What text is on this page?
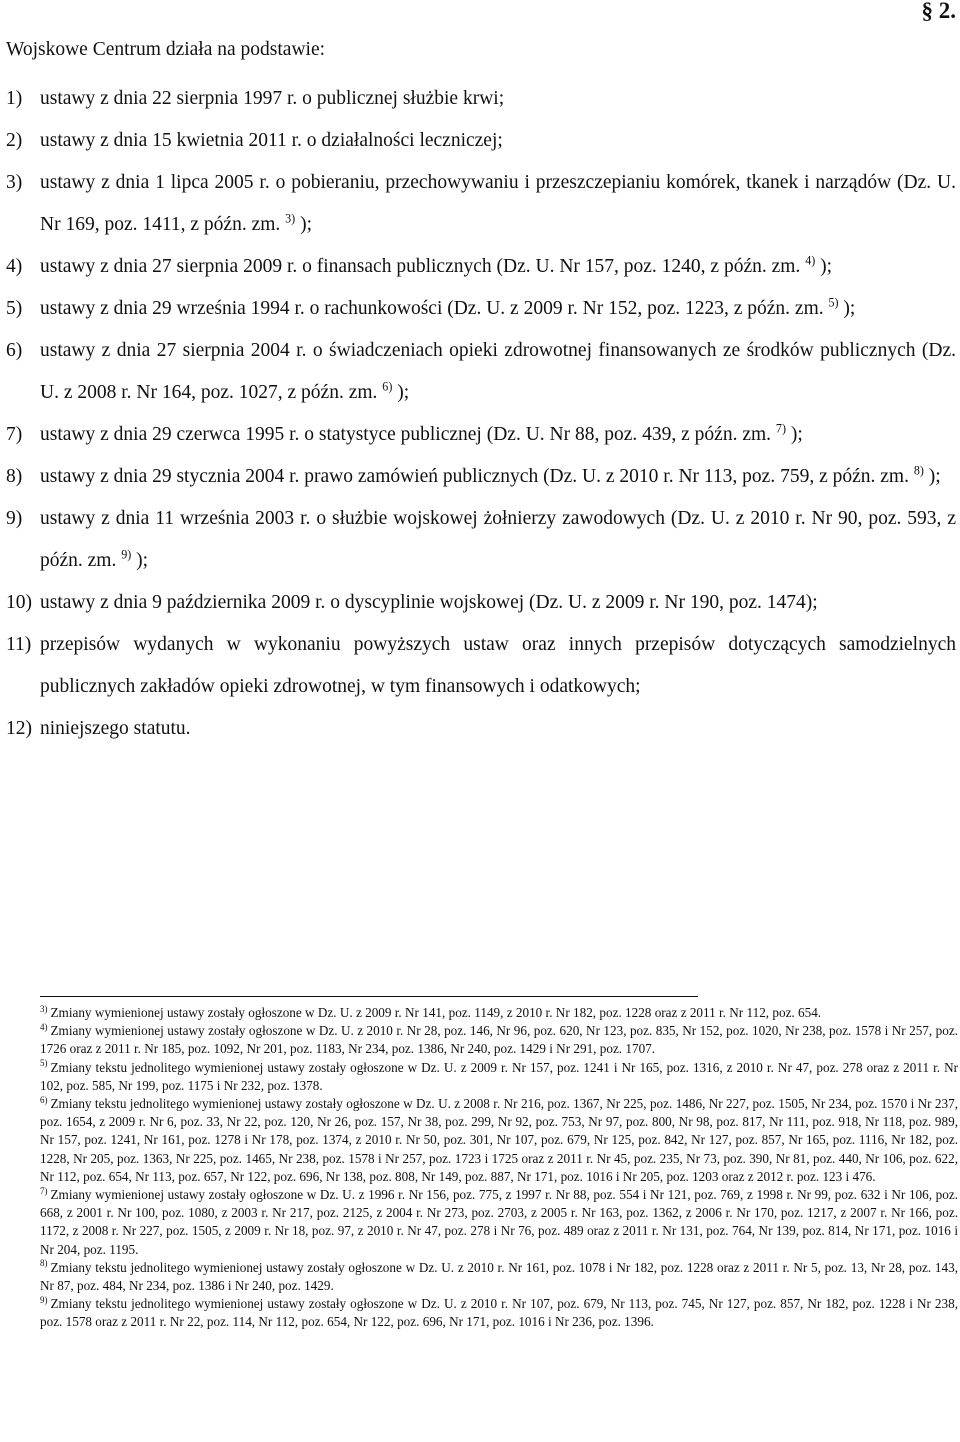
§ 2.
Wojskowe Centrum działa na podstawie:
1) ustawy z dnia 22 sierpnia 1997 r. o publicznej służbie krwi;
2) ustawy z dnia 15 kwietnia 2011 r. o działalności leczniczej;
3) ustawy z dnia 1 lipca 2005 r. o pobieraniu, przechowywaniu i przeszczepianiu komórek, tkanek i narządów (Dz. U. Nr 169, poz. 1411, z późn. zm. $^{3)}$ );
4) ustawy z dnia 27 sierpnia 2009 r. o finansach publicznych (Dz. U. Nr 157, poz. 1240, z późn. zm. $^{4)}$ );
5) ustawy z dnia 29 września 1994 r. o rachunkowości (Dz. U. z 2009 r. Nr 152, poz. 1223, z późn. zm. $^{5)}$ );
6) ustawy z dnia 27 sierpnia 2004 r. o świadczeniach opieki zdrowotnej finansowanych ze środków publicznych (Dz. U. z 2008 r. Nr 164, poz. 1027, z późn. zm. $^{6)}$ );
7) ustawy z dnia 29 czerwca 1995 r. o statystyce publicznej (Dz. U. Nr 88, poz. 439, z późn. zm. $^{7)}$ );
8) ustawy z dnia 29 stycznia 2004 r. prawo zamówień publicznych (Dz. U. z 2010 r. Nr 113, poz. 759, z późn. zm. $^{8)}$ );
9) ustawy z dnia 11 września 2003 r. o służbie wojskowej żołnierzy zawodowych (Dz. U. z 2010 r. Nr 90, poz. 593, z późn. zm. $^{9)}$ );
10) ustawy z dnia 9 października 2009 r. o dyscyplinie wojskowej (Dz. U. z 2009 r. Nr 190, poz. 1474);
11) przepisów wydanych w wykonaniu powyższych ustaw oraz innych przepisów dotyczących samodzielnych publicznych zakładów opieki zdrowotnej, w tym finansowych i odatkowych;
12) niniejszego statutu.
$^{3)}$ Zmiany wymienionej ustawy zostały ogłoszone w Dz. U. z 2009 r. Nr 141, poz. 1149, z 2010 r. Nr 182, poz. 1228 oraz z 2011 r. Nr 112, poz. 654.
$^{4)}$ Zmiany wymienionej ustawy zostały ogłoszone w Dz. U. z 2010 r. Nr 28, poz. 146, Nr 96, poz. 620, Nr 123, poz. 835, Nr 152, poz. 1020, Nr 238, poz. 1578 i Nr 257, poz. 1726 oraz z 2011 r. Nr 185, poz. 1092, Nr 201, poz. 1183, Nr 234, poz. 1386, Nr 240, poz. 1429 i Nr 291, poz. 1707.
$^{5)}$ Zmiany tekstu jednolitego wymienionej ustawy zostały ogłoszone w Dz. U. z 2009 r. Nr 157, poz. 1241 i Nr 165, poz. 1316, z 2010 r. Nr 47, poz. 278 oraz z 2011 r. Nr 102, poz. 585, Nr 199, poz. 1175 i Nr 232, poz. 1378.
$^{6)}$ Zmiany tekstu jednolitego wymienionej ustawy zostały ogłoszone w Dz. U. z 2008 r. Nr 216, poz. 1367, Nr 225, poz. 1486, Nr 227, poz. 1505, Nr 234, poz. 1570 i Nr 237, poz. 1654, z 2009 r. Nr 6, poz. 33, Nr 22, poz. 120, Nr 26, poz. 157, Nr 38, poz. 299, Nr 92, poz. 753, Nr 97, poz. 800, Nr 98, poz. 817, Nr 111, poz. 918, Nr 118, poz. 989, Nr 157, poz. 1241, Nr 161, poz. 1278 i Nr 178, poz. 1374, z 2010 r. Nr 50, poz. 301, Nr 107, poz. 679, Nr 125, poz. 842, Nr 127, poz. 857, Nr 165, poz. 1116, Nr 182, poz. 1228, Nr 205, poz. 1363, Nr 225, poz. 1465, Nr 238, poz. 1578 i Nr 257, poz. 1723 i 1725 oraz z 2011 r. Nr 45, poz. 235, Nr 73, poz. 390, Nr 81, poz. 440, Nr 106, poz. 622, Nr 112, poz. 654, Nr 113, poz. 657, Nr 122, poz. 696, Nr 138, poz. 808, Nr 149, poz. 887, Nr 171, poz. 1016 i Nr 205, poz. 1203 oraz z 2012 r. poz. 123 i 476.
$^{7)}$ Zmiany wymienionej ustawy zostały ogłoszone w Dz. U. z 1996 r. Nr 156, poz. 775, z 1997 r. Nr 88, poz. 554 i Nr 121, poz. 769, z 1998 r. Nr 99, poz. 632 i Nr 106, poz. 668, z 2001 r. Nr 100, poz. 1080, z 2003 r. Nr 217, poz. 2125, z 2004 r. Nr 273, poz. 2703, z 2005 r. Nr 163, poz. 1362, z 2006 r. Nr 170, poz. 1217, z 2007 r. Nr 166, poz. 1172, z 2008 r. Nr 227, poz. 1505, z 2009 r. Nr 18, poz. 97, z 2010 r. Nr 47, poz. 278 i Nr 76, poz. 489 oraz z 2011 r. Nr 131, poz. 764, Nr 139, poz. 814, Nr 171, poz. 1016 i Nr 204, poz. 1195.
$^{8)}$ Zmiany tekstu jednolitego wymienionej ustawy zostały ogłoszone w Dz. U. z 2010 r. Nr 161, poz. 1078 i Nr 182, poz. 1228 oraz z 2011 r. Nr 5, poz. 13, Nr 28, poz. 143, Nr 87, poz. 484, Nr 234, poz. 1386 i Nr 240, poz. 1429.
$^{9)}$ Zmiany tekstu jednolitego wymienionej ustawy zostały ogłoszone w Dz. U. z 2010 r. Nr 107, poz. 679, Nr 113, poz. 745, Nr 127, poz. 857, Nr 182, poz. 1228 i Nr 238, poz. 1578 oraz z 2011 r. Nr 22, poz. 114, Nr 112, poz. 654, Nr 122, poz. 696, Nr 171, poz. 1016 i Nr 236, poz. 1396.
